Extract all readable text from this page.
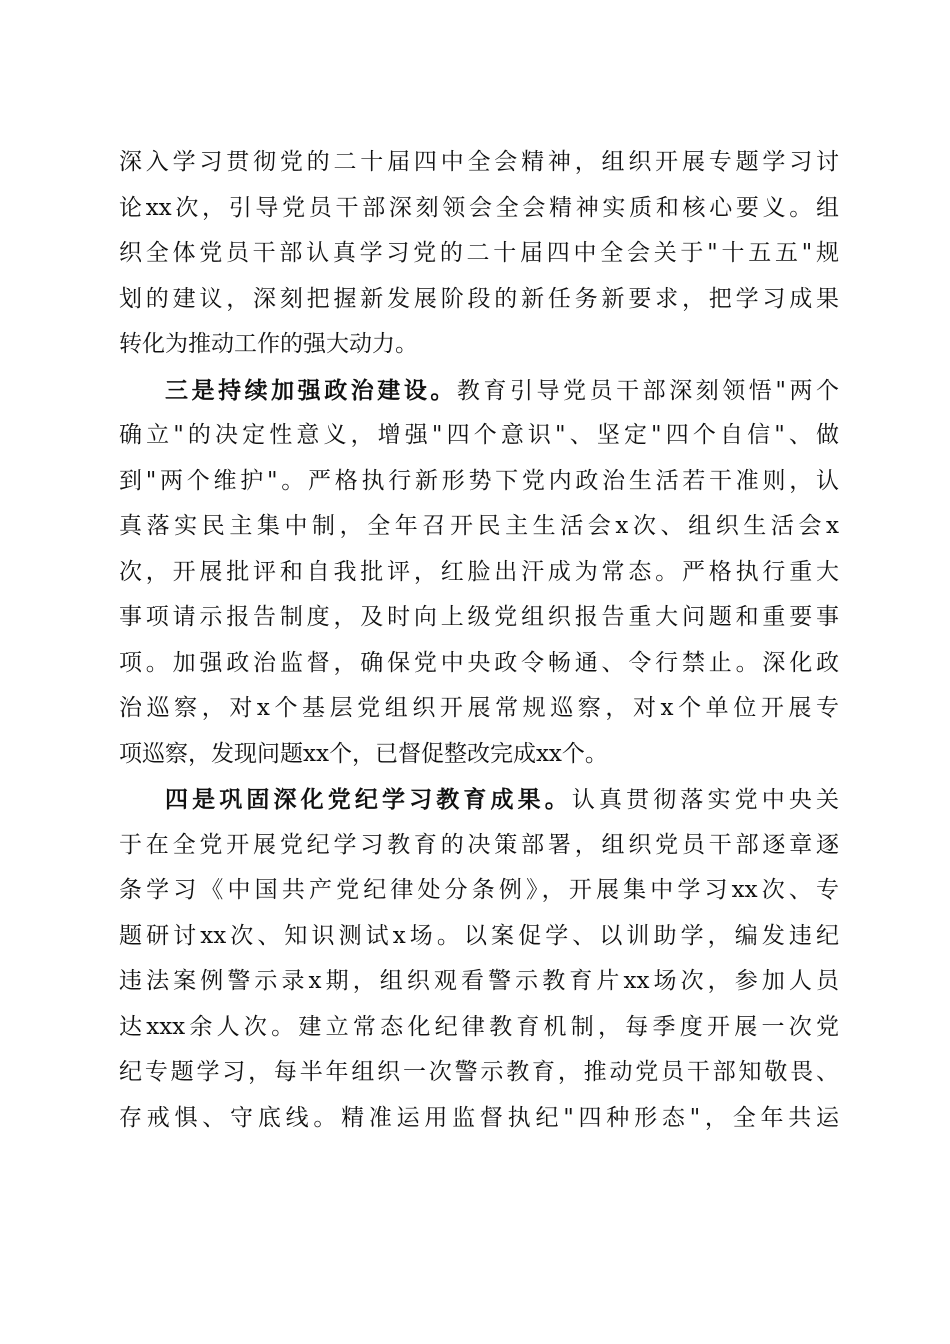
深入学习贯彻党的二十届四中全会精神，组织开展专题学习讨
论xx次，引导党员干部深刻领会全会精神实质和核心要义。组
织全体党员干部认真学习党的二十届四中全会关于"十五五"规
划的建议，深刻把握新发展阶段的新任务新要求，把学习成果
转化为推动工作的强大动力。
三是持续加强政治建设。教育引导党员干部深刻领悟"两个
确立"的决定性意义，增强"四个意识"、坚定"四个自信"、做
到"两个维护"。严格执行新形势下党内政治生活若干准则，认
真落实民主集中制，全年召开民主生活会x次、组织生活会x
次，开展批评和自我批评，红脸出汗成为常态。严格执行重大
事项请示报告制度，及时向上级党组织报告重大问题和重要事
项。加强政治监督，确保党中央政令畅通、令行禁止。深化政
治巡察，对x个基层党组织开展常规巡察，对x个单位开展专
项巡察，发现问题xx个，已督促整改完成xx个。
四是巩固深化党纪学习教育成果。认真贯彻落实党中央关
于在全党开展党纪学习教育的决策部署，组织党员干部逐章逐
条学习《中国共产党纪律处分条例》，开展集中学习xx次、专
题研讨xx次、知识测试x场。以案促学、以训助学，编发违纪
违法案例警示录x期，组织观看警示教育片xx场次，参加人员
达xxx余人次。建立常态化纪律教育机制，每季度开展一次党
纪专题学习，每半年组织一次警示教育，推动党员干部知敬畏、
存戒惧、守底线。精准运用监督执纪"四种形态"，全年共运
